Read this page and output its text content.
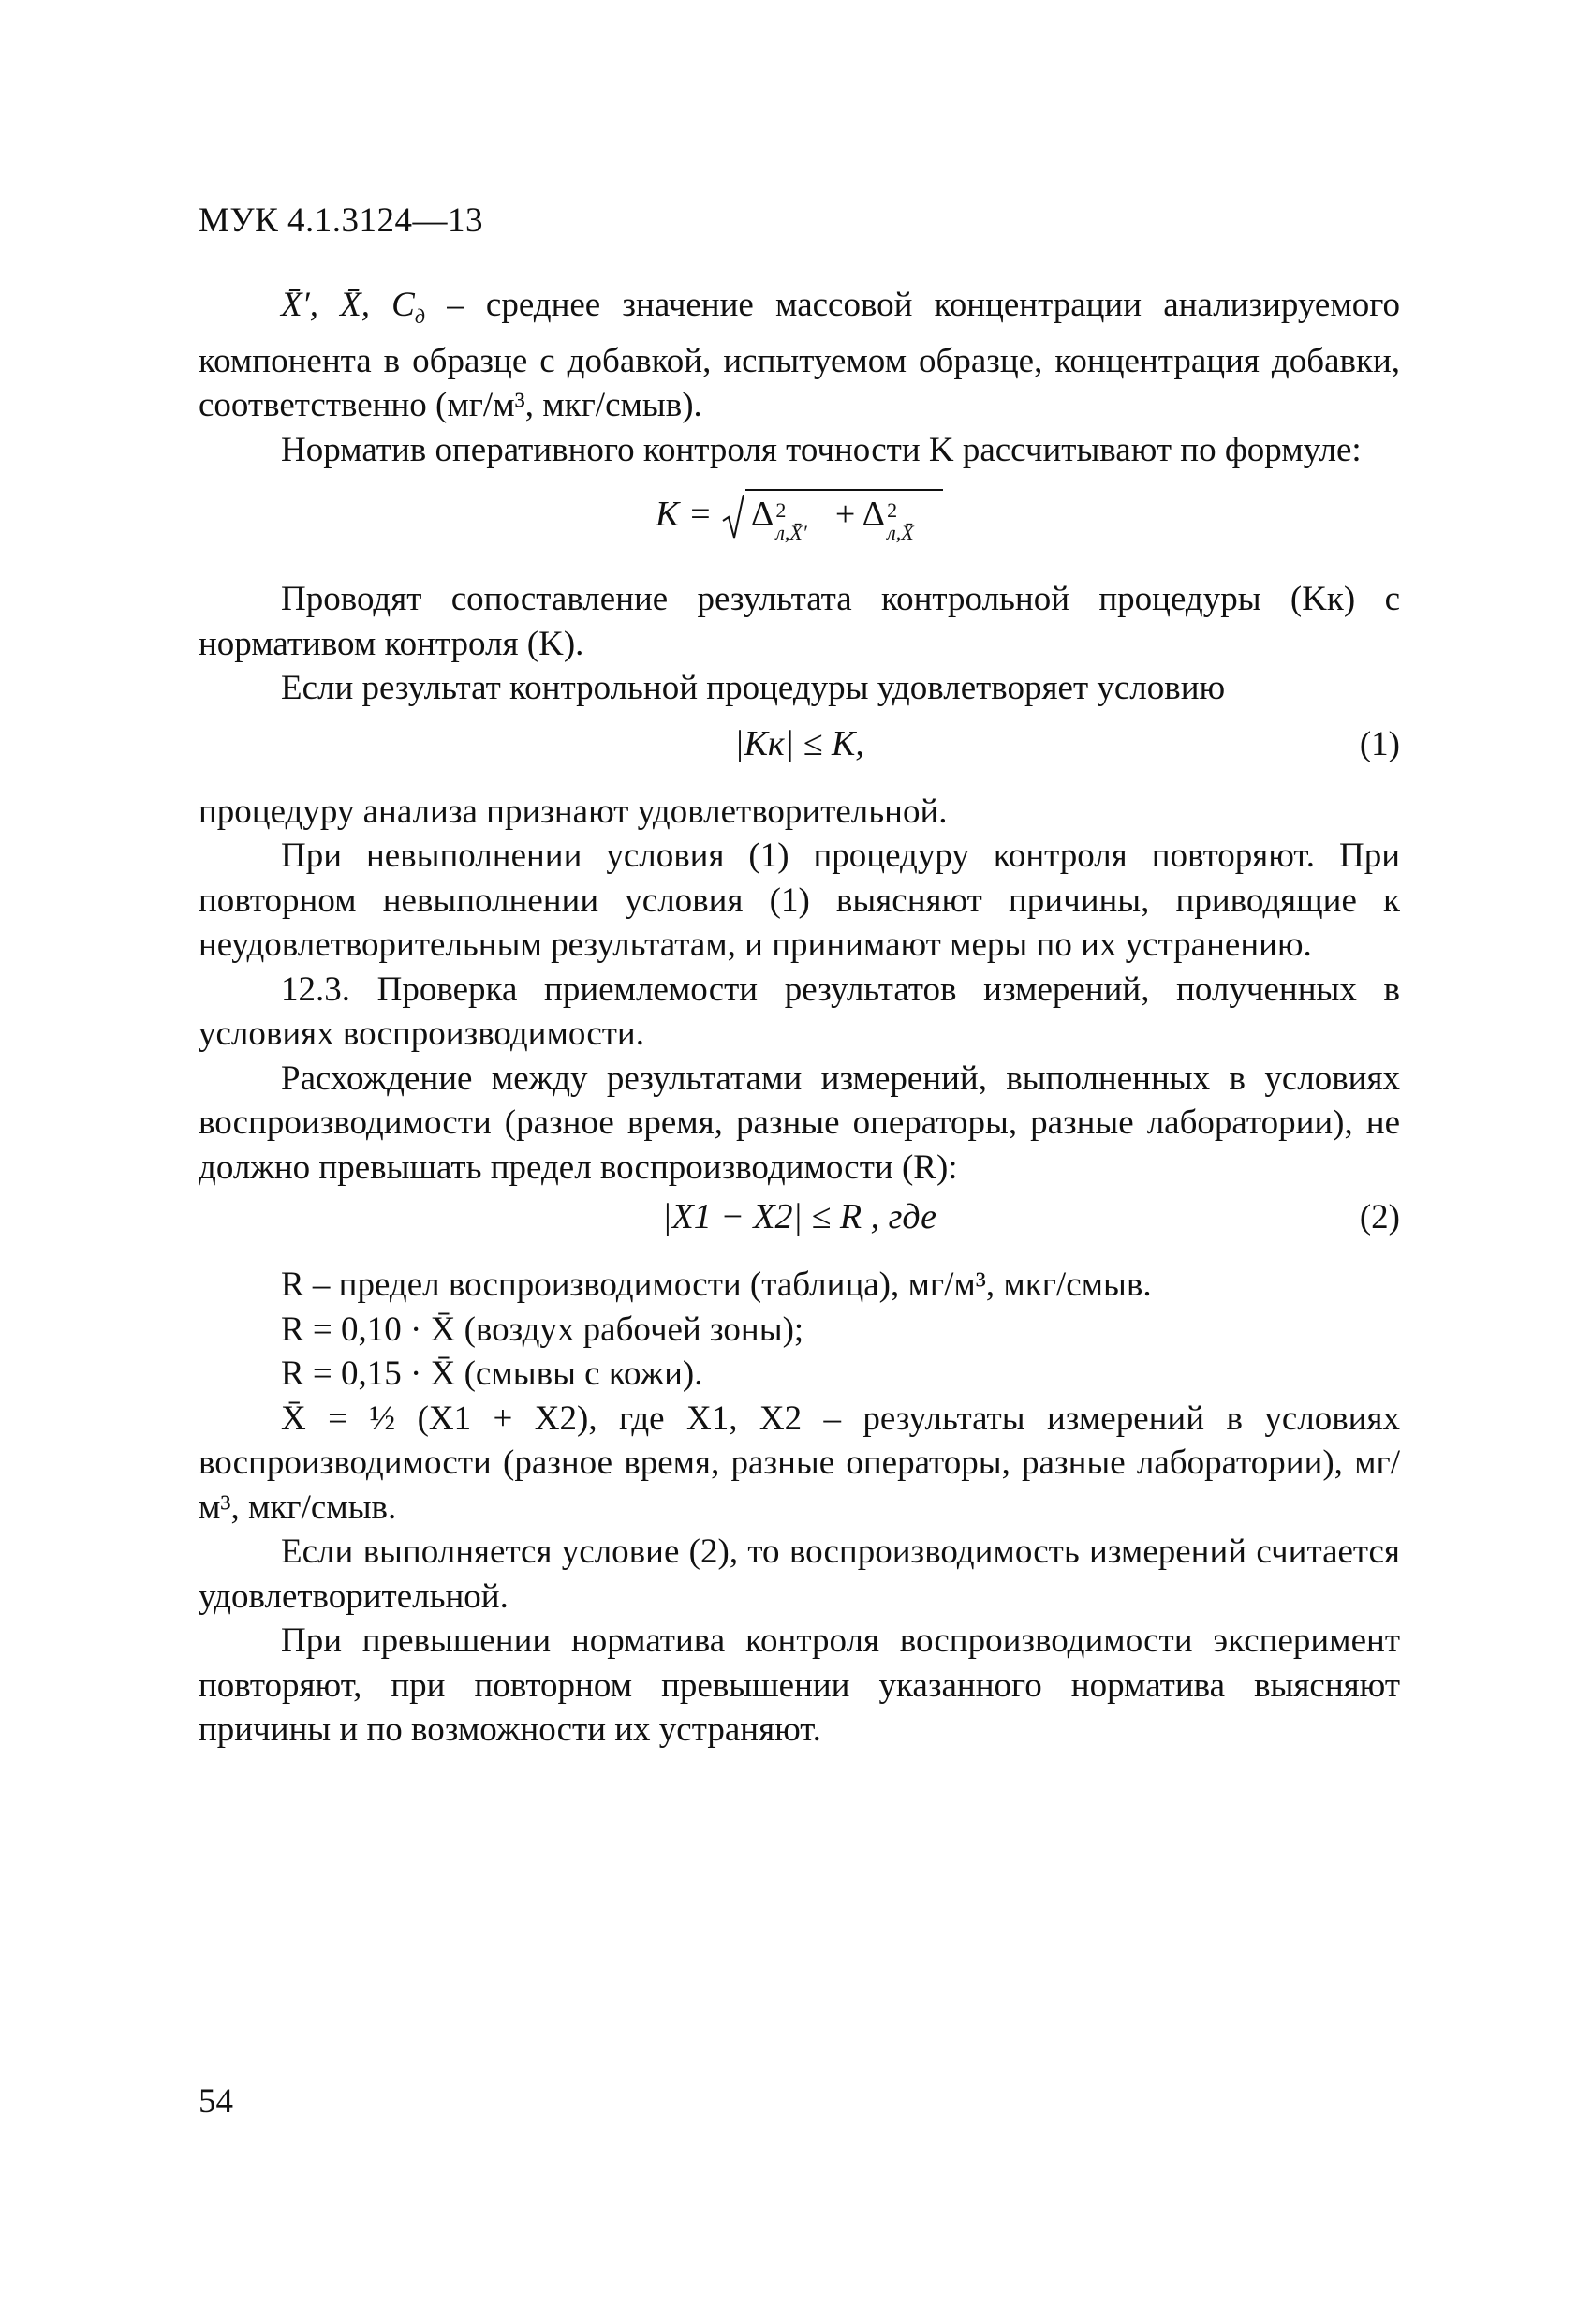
МУК 4.1.3124—13

X̄′, X̄, $C_д$ – среднее значение массовой концентрации анализируемого компонента в образце с добавкой, испытуемом образце, концентрация добавки, соответственно (мг/м³, мкг/смыв).

Норматив оперативного контроля точности K рассчитывают по формуле:

K = Δ 2
л,X̄′ + Δ 2
л,X̄

Проводят сопоставление результата контрольной процедуры (Kк) с нормативом контроля (K).

Если результат контрольной процедуры удовлетворяет условию

|Kк| ≤ K,	(1)

процедуру анализа признают удовлетворительной.

При невыполнении условия (1) процедуру контроля повторяют. При повторном невыполнении условия (1) выясняют причины, приводящие к неудовлетворительным результатам, и принимают меры по их устранению.

12.3. Проверка приемлемости результатов измерений, полученных в условиях воспроизводимости.

Расхождение между результатами измерений, выполненных в условиях воспроизводимости (разное время, разные операторы, разные лаборатории), не должно превышать предел воспроизводимости (R):

|X1 − X2| ≤ R , где	(2)

R – предел воспроизводимости (таблица), мг/м³, мкг/смыв.

R = 0,10 · X̄ (воздух рабочей зоны);

R = 0,15 · X̄ (смывы с кожи).

X̄ = ½ (X1 + X2), где X1, X2 – результаты измерений в условиях воспроизводимости (разное время, разные операторы, разные лаборатории), мг/м³, мкг/смыв.

Если выполняется условие (2), то воспроизводимость измерений считается удовлетворительной.

При превышении норматива контроля воспроизводимости эксперимент повторяют, при повторном превышении указанного норматива выясняют причины и по возможности их устраняют.

54
